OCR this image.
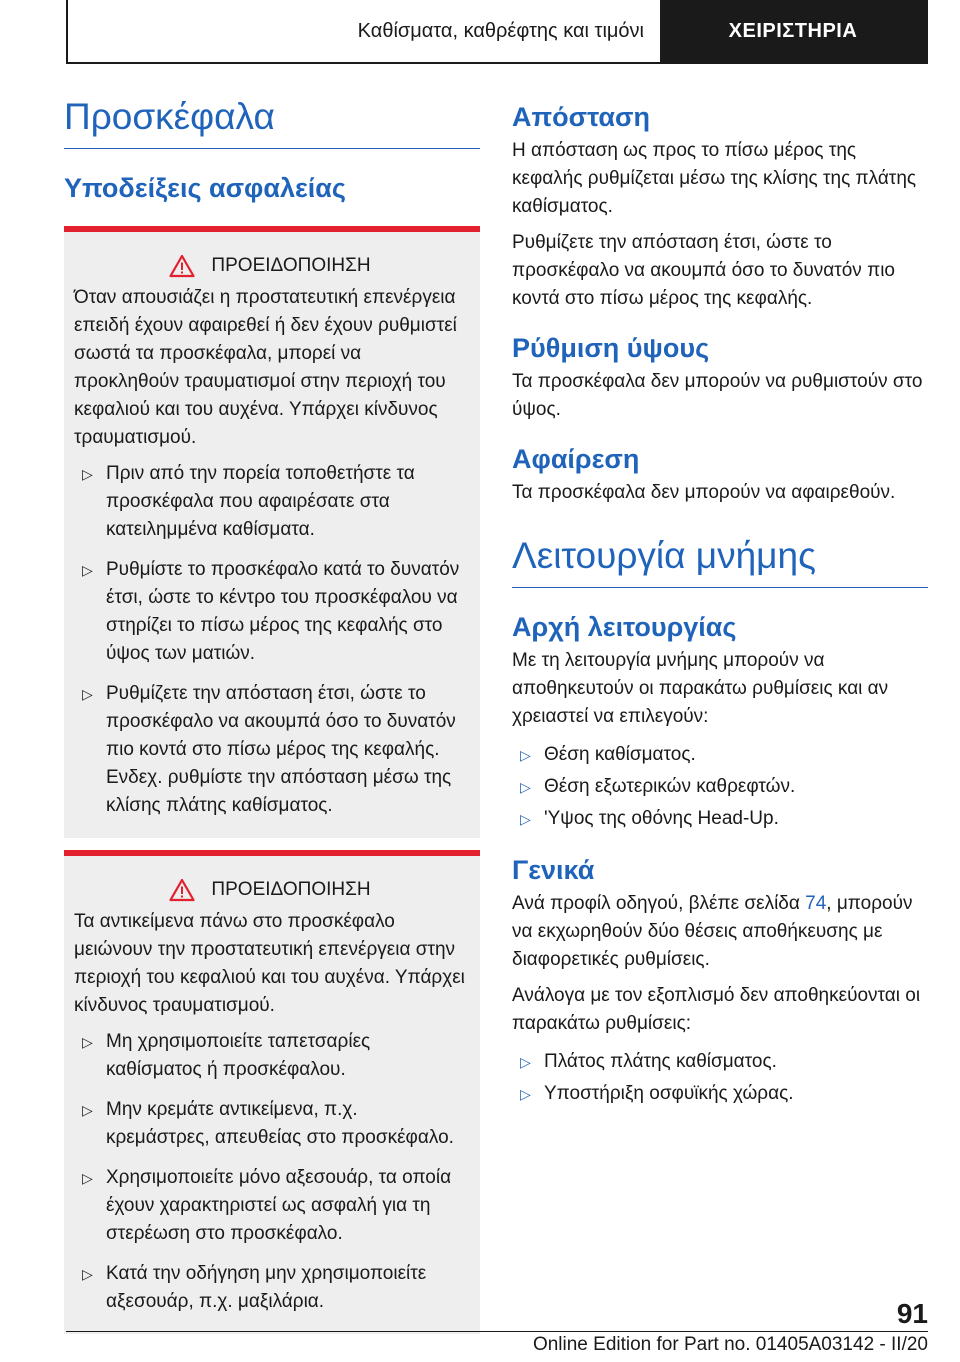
Καθίσματα, καθρέφτης και τιμόνι	ΧΕΙΡΙΣΤΗΡΙΑ
Προσκέφαλα
Υποδείξεις ασφαλείας
ΠΡΟΕΙΔΟΠΟΙΗΣΗ

Όταν απουσιάζει η προστατευτική επενέργεια επειδή έχουν αφαιρεθεί ή δεν έχουν ρυθμιστεί σωστά τα προσκέφαλα, μπορεί να προκληθούν τραυματισμοί στην περιοχή του κεφαλιού και του αυχένα. Υπάρχει κίνδυνος τραυματισμού.

▷ Πριν από την πορεία τοποθετήστε τα προσκέφαλα που αφαιρέσατε στα κατειλημμένα καθίσματα.
▷ Ρυθμίστε το προσκέφαλο κατά το δυνατόν έτσι, ώστε το κέντρο του προσκέφαλου να στηρίζει το πίσω μέρος της κεφαλής στο ύψος των ματιών.
▷ Ρυθμίζετε την απόσταση έτσι, ώστε το προσκέφαλο να ακουμπά όσο το δυνατόν πιο κοντά στο πίσω μέρος της κεφαλής. Ενδεχ. ρυθμίστε την απόσταση μέσω της κλίσης πλάτης καθίσματος.
ΠΡΟΕΙΔΟΠΟΙΗΣΗ

Τα αντικείμενα πάνω στο προσκέφαλο μειώνουν την προστατευτική επενέργεια στην περιοχή του κεφαλιού και του αυχένα. Υπάρχει κίνδυνος τραυματισμού.

▷ Μη χρησιμοποιείτε ταπετσαρίες καθίσματος ή προσκέφαλου.
▷ Μην κρεμάτε αντικείμενα, π.χ. κρεμάστρες, απευθείας στο προσκέφαλο.
▷ Χρησιμοποιείτε μόνο αξεσουάρ, τα οποία έχουν χαρακτηριστεί ως ασφαλή για τη στερέωση στο προσκέφαλο.
▷ Κατά την οδήγηση μην χρησιμοποιείτε αξεσουάρ, π.χ. μαξιλάρια.
Απόσταση

Η απόσταση ως προς το πίσω μέρος της κεφαλής ρυθμίζεται μέσω της κλίσης της πλάτης καθίσματος.

Ρυθμίζετε την απόσταση έτσι, ώστε το προσκέφαλο να ακουμπά όσο το δυνατόν πιο κοντά στο πίσω μέρος της κεφαλής.

Ρύθμιση ύψους

Τα προσκέφαλα δεν μπορούν να ρυθμιστούν στο ύψος.

Αφαίρεση

Τα προσκέφαλα δεν μπορούν να αφαιρεθούν.

Λειτουργία μνήμης
Αρχή λειτουργίας

Με τη λειτουργία μνήμης μπορούν να αποθηκευτούν οι παρακάτω ρυθμίσεις και αν χρειαστεί να επιλεγούν:

▷ Θέση καθίσματος.
▷ Θέση εξωτερικών καθρεφτών.
▷ 'Υψος της οθόνης Head-Up.
Γενικά

Ανά προφίλ οδηγού, βλέπε σελίδα 74, μπορούν να εκχωρηθούν δύο θέσεις αποθήκευσης με διαφορετικές ρυθμίσεις.

Ανάλογα με τον εξοπλισμό δεν αποθηκεύονται οι παρακάτω ρυθμίσεις:

▷ Πλάτος πλάτης καθίσματος.
▷ Υποστήριξη οσφυϊκής χώρας.
91
Online Edition for Part no. 01405A03142 - II/20
